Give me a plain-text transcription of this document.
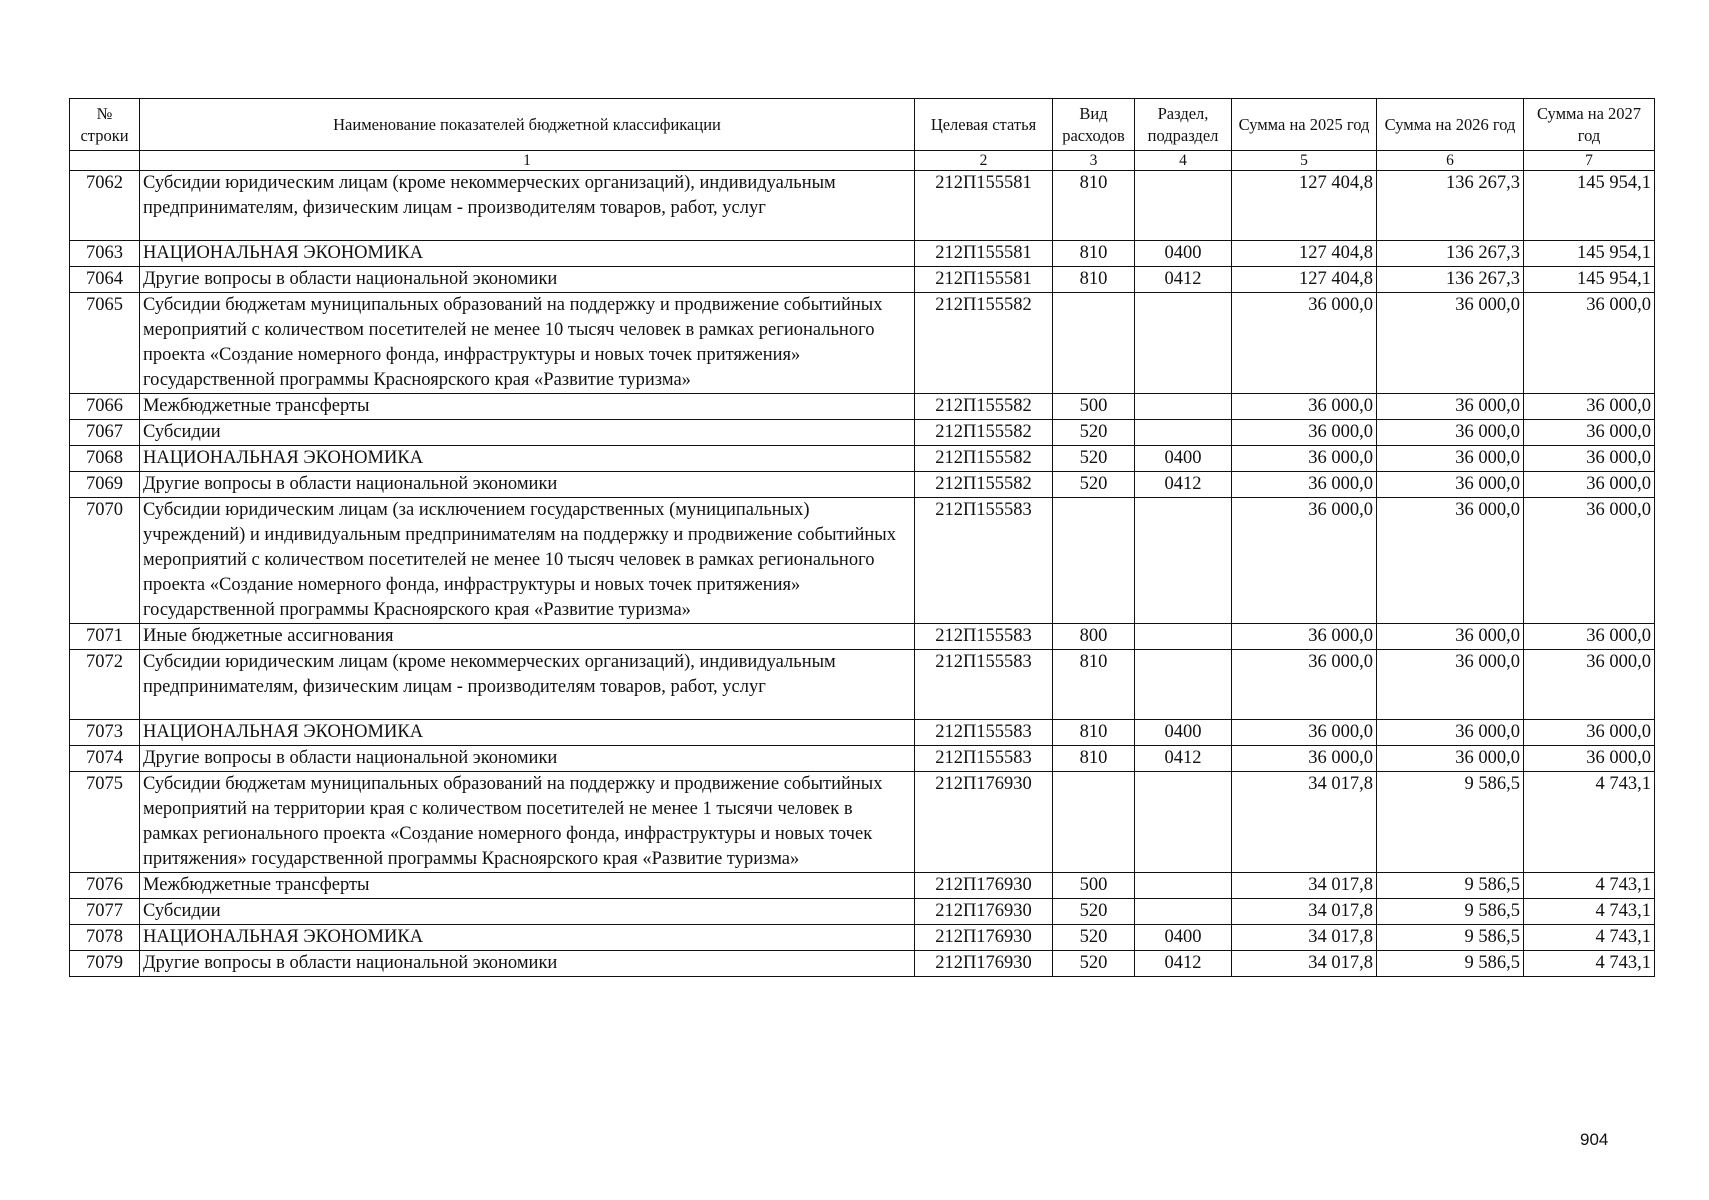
№ строки	Наименование показателей бюджетной классификации	Целевая статья	Вид расходов	Раздел, подраздел	Сумма на 2025 год	Сумма на 2026 год	Сумма на 2027 год
	1	2	3	4	5	6	7
7062	Субсидии юридическим лицам (кроме некоммерческих организаций), индивидуальным предпринимателям, физическим лицам - производителям товаров, работ, услуг	212П155581	810		127 404,8	136 267,3	145 954,1
7063	НАЦИОНАЛЬНАЯ ЭКОНОМИКА	212П155581	810	0400	127 404,8	136 267,3	145 954,1
7064	Другие вопросы в области национальной экономики	212П155581	810	0412	127 404,8	136 267,3	145 954,1
7065	Субсидии бюджетам муниципальных образований на поддержку и продвижение событийных мероприятий с количеством посетителей не менее 10 тысяч человек в рамках регионального проекта «Создание номерного фонда, инфраструктуры и новых точек притяжения» государственной программы Красноярского края «Развитие туризма»	212П155582			36 000,0	36 000,0	36 000,0
7066	Межбюджетные трансферты	212П155582	500		36 000,0	36 000,0	36 000,0
7067	Субсидии	212П155582	520		36 000,0	36 000,0	36 000,0
7068	НАЦИОНАЛЬНАЯ ЭКОНОМИКА	212П155582	520	0400	36 000,0	36 000,0	36 000,0
7069	Другие вопросы в области национальной экономики	212П155582	520	0412	36 000,0	36 000,0	36 000,0
7070	Субсидии юридическим лицам (за исключением государственных (муниципальных) учреждений) и индивидуальным предпринимателям на поддержку и продвижение событийных мероприятий с количеством посетителей не менее 10 тысяч человек в рамках регионального проекта «Создание номерного фонда, инфраструктуры и новых точек притяжения» государственной программы Красноярского края «Развитие туризма»	212П155583			36 000,0	36 000,0	36 000,0
7071	Иные бюджетные ассигнования	212П155583	800		36 000,0	36 000,0	36 000,0
7072	Субсидии юридическим лицам (кроме некоммерческих организаций), индивидуальным предпринимателям, физическим лицам - производителям товаров, работ, услуг	212П155583	810		36 000,0	36 000,0	36 000,0
7073	НАЦИОНАЛЬНАЯ ЭКОНОМИКА	212П155583	810	0400	36 000,0	36 000,0	36 000,0
7074	Другие вопросы в области национальной экономики	212П155583	810	0412	36 000,0	36 000,0	36 000,0
7075	Субсидии бюджетам муниципальных образований на поддержку и продвижение событийных мероприятий на территории края с количеством посетителей не менее 1 тысячи человек в рамках регионального проекта «Создание номерного фонда, инфраструктуры и новых точек притяжения» государственной программы Красноярского края «Развитие туризма»	212П176930			34 017,8	9 586,5	4 743,1
7076	Межбюджетные трансферты	212П176930	500		34 017,8	9 586,5	4 743,1
7077	Субсидии	212П176930	520		34 017,8	9 586,5	4 743,1
7078	НАЦИОНАЛЬНАЯ ЭКОНОМИКА	212П176930	520	0400	34 017,8	9 586,5	4 743,1
7079	Другие вопросы в области национальной экономики	212П176930	520	0412	34 017,8	9 586,5	4 743,1
904
